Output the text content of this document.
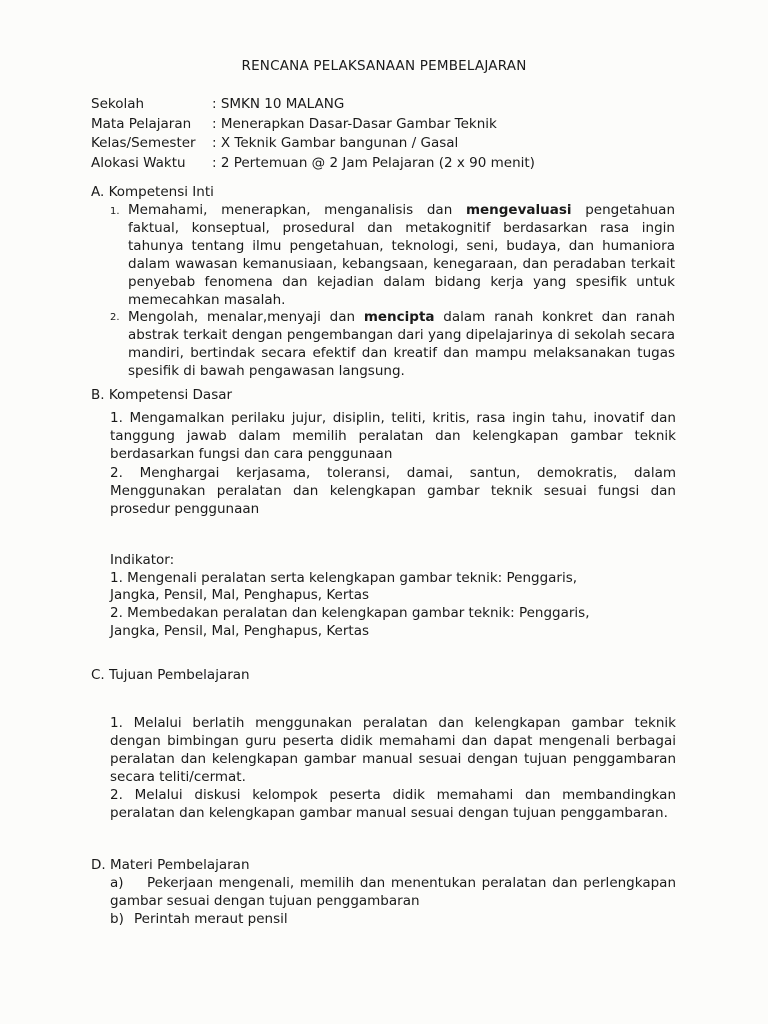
RENCANA PELAKSANAAN PEMBELAJARAN
Sekolah	: SMKN 10 MALANG
Mata Pelajaran	: Menerapkan Dasar-Dasar Gambar Teknik
Kelas/Semester	: X Teknik Gambar bangunan / Gasal
Alokasi Waktu	: 2 Pertemuan @ 2 Jam Pelajaran (2 x 90 menit)
A. Kompetensi Inti
1. Memahami, menerapkan, menganalisis dan mengevaluasi pengetahuan faktual, konseptual, prosedural dan metakognitif berdasarkan rasa ingin tahunya tentang ilmu pengetahuan, teknologi, seni, budaya, dan humaniora dalam wawasan kemanusiaan, kebangsaan, kenegaraan, dan peradaban terkait penyebab fenomena dan kejadian dalam bidang kerja yang spesifik untuk memecahkan masalah.
2. Mengolah, menalar,menyaji dan mencipta dalam ranah konkret dan ranah abstrak terkait dengan pengembangan dari yang dipelajarinya di sekolah secara mandiri, bertindak secara efektif dan kreatif dan mampu melaksanakan tugas spesifik di bawah pengawasan langsung.
B. Kompetensi Dasar
1. Mengamalkan perilaku jujur, disiplin, teliti, kritis, rasa ingin tahu, inovatif dan tanggung jawab dalam memilih peralatan dan kelengkapan gambar teknik berdasarkan fungsi dan cara penggunaan
2. Menghargai kerjasama, toleransi, damai, santun, demokratis, dalam Menggunakan peralatan dan kelengkapan gambar teknik sesuai fungsi dan prosedur penggunaan
Indikator:
1. Mengenali peralatan serta kelengkapan gambar teknik: Penggaris,
Jangka, Pensil, Mal, Penghapus, Kertas
2. Membedakan peralatan dan kelengkapan gambar teknik: Penggaris,
Jangka, Pensil, Mal, Penghapus, Kertas
C. Tujuan Pembelajaran
1. Melalui berlatih menggunakan peralatan dan kelengkapan gambar teknik dengan bimbingan guru peserta didik memahami dan dapat mengenali berbagai peralatan dan kelengkapan gambar manual sesuai dengan tujuan penggambaran secara teliti/cermat.
2. Melalui diskusi kelompok peserta didik memahami dan membandingkan peralatan dan kelengkapan gambar manual sesuai dengan tujuan penggambaran.
D. Materi Pembelajaran
a)	Pekerjaan mengenali, memilih dan menentukan peralatan dan perlengkapan gambar sesuai dengan tujuan penggambaran
b) Perintah meraut pensil
